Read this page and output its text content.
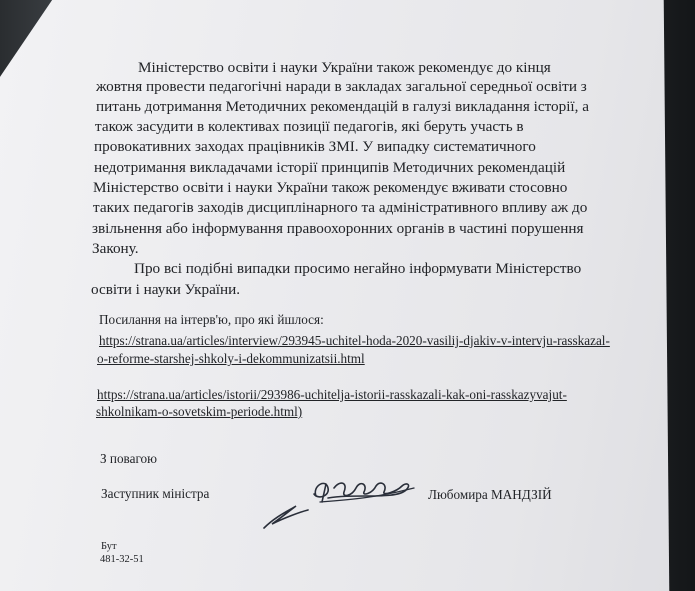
Міністерство освіти і науки України також рекомендує до кінця
жовтня провести педагогічні наради в закладах загальної середньої освіти з
питань дотримання Методичних рекомендацій в галузі викладання історії, а
також засудити в колективах позиції педагогів, які беруть участь в
провокативних заходах працівників ЗМІ. У випадку систематичного
недотримання викладачами історії принципів Методичних рекомендацій
Міністерство освіти і науки України також рекомендує вживати стосовно
таких педагогів заходів дисциплінарного та адміністративного впливу аж до
звільнення або інформування правоохоронних органів в частині порушення
Закону.
Про всі подібні випадки просимо негайно інформувати Міністерство
освіти і науки України.
Посилання на інтерв'ю, про які йшлося:
https://strana.ua/articles/interview/293945-uchitel-hoda-2020-vasilij-djakiv-v-intervju-rasskazal-
o-reforme-starshej-shkoly-i-dekommunizatsii.html
https://strana.ua/articles/istorii/293986-uchitelja-istorii-rasskazali-kak-oni-rasskazyvajut-
shkolnikam-o-sovetskim-periode.html)
З повагою
Заступник міністра	Любомира МАНДЗІЙ
Бут
481-32-51
